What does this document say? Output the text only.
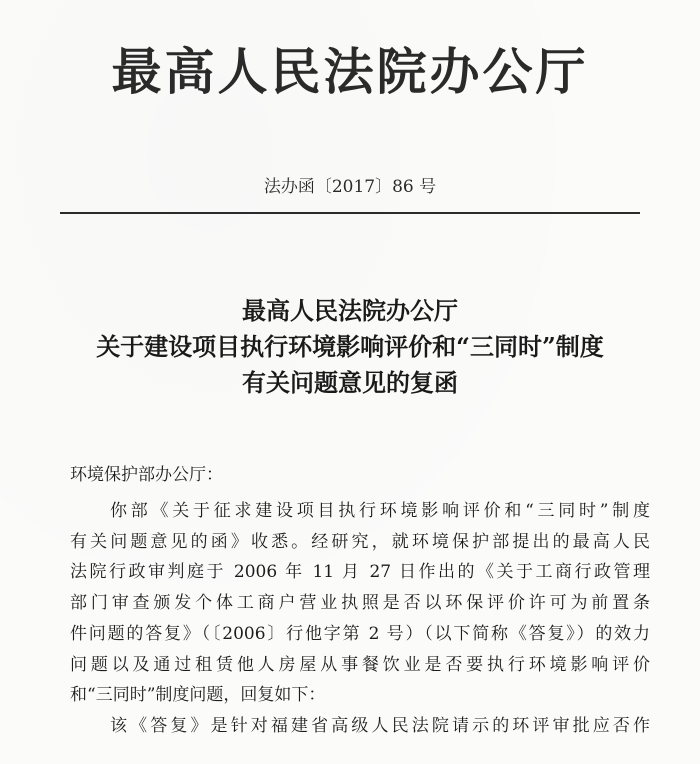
最高人民法院办公厅
法办函〔2017〕86 号
最高人民法院办公厅
关于建设项目执行环境影响评价和“三同时”制度
有关问题意见的复函
环境保护部办公厅：
你部《关于征求建设项目执行环境影响评价和“三同时”制度
有关问题意见的函》收悉。经研究，就环境保护部提出的最高人民
法院行政审判庭于 2006 年 11 月 27 日作出的《关于工商行政管理
部门审查颁发个体工商户营业执照是否以环保评价许可为前置条
件问题的答复》（〔2006〕行他字第 2 号）（以下简称《答复》）的效力
问题以及通过租赁他人房屋从事餐饮业是否要执行环境影响评价
和“三同时”制度问题，回复如下：
该《答复》是针对福建省高级人民法院请示的环评审批应否作
